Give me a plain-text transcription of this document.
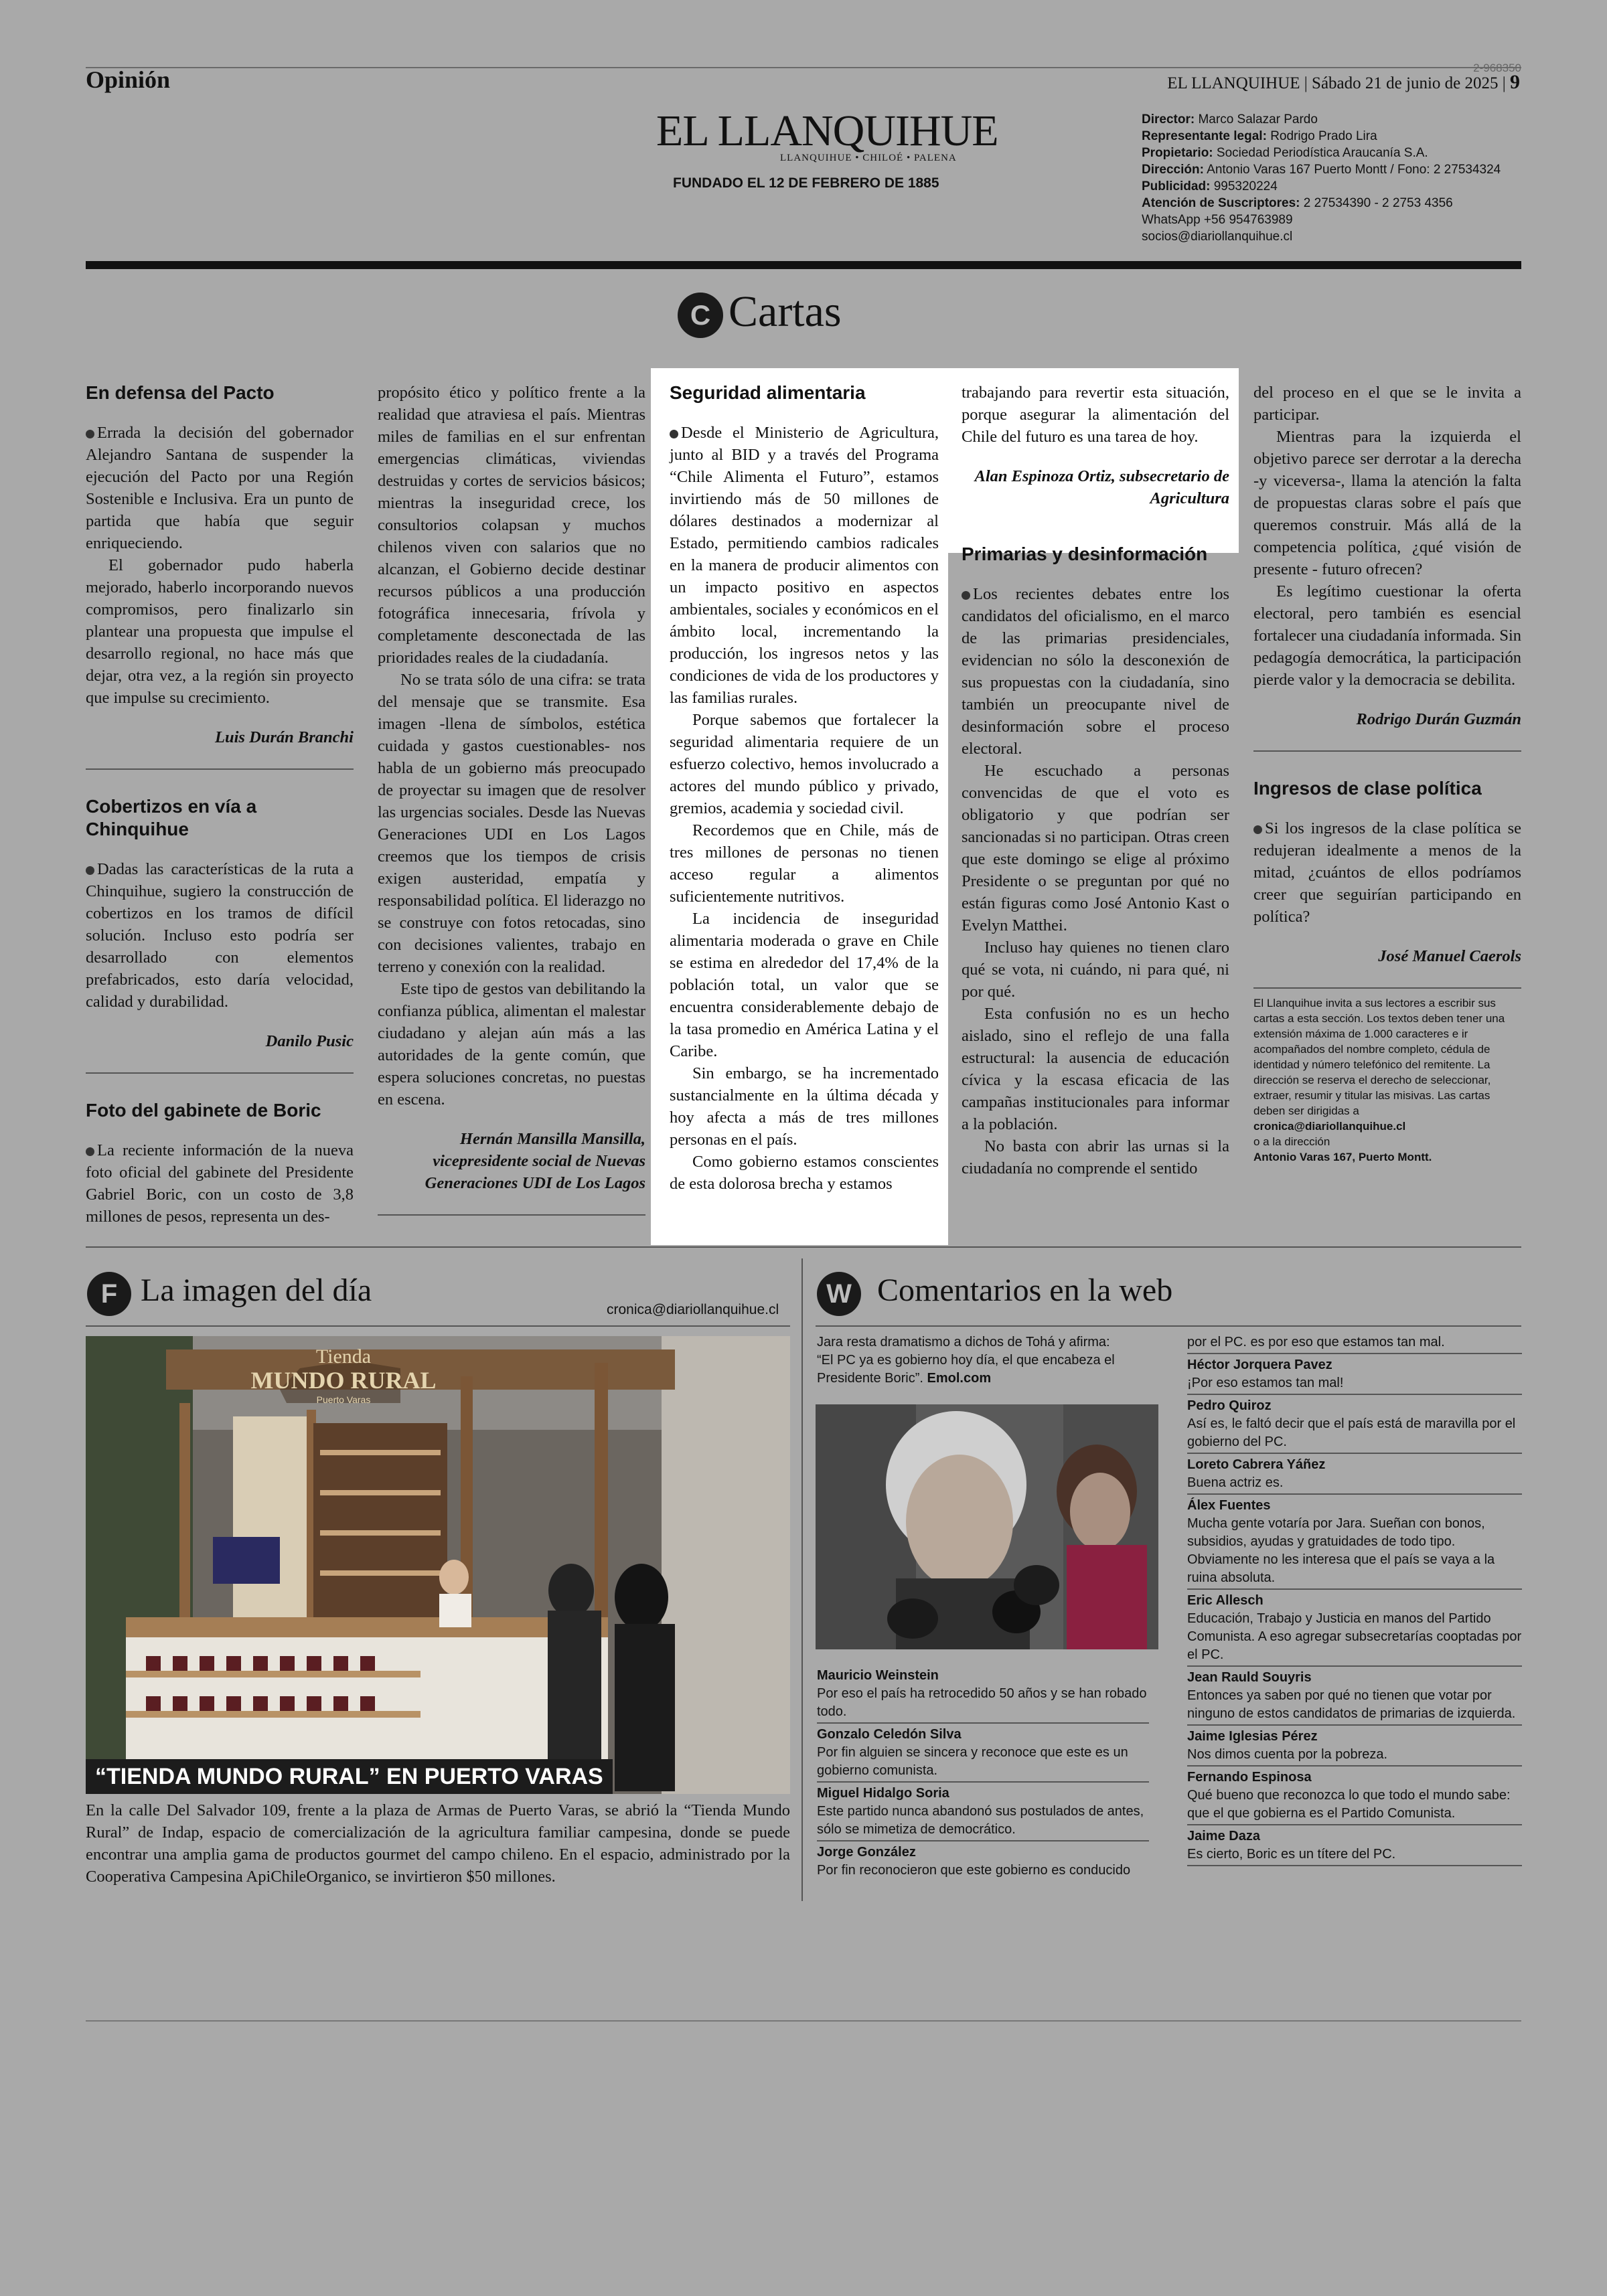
Opinión	2-968350
EL LLANQUIHUE | Sábado 21 de junio de 2025 | 9
EL LLANQUIHUE
LLANQUIHUE • CHILOÉ • PALENA
FUNDADO EL 12 DE FEBRERO DE 1885
Director: Marco Salazar Pardo
Representante legal: Rodrigo Prado Lira
Propietario: Sociedad Periodística Araucanía S.A.
Dirección: Antonio Varas 167 Puerto Montt / Fono: 2 27534324
Publicidad: 995320224
Atención de Suscriptores: 2 27534390 - 2 2753 4356
WhatsApp +56 954763989
socios@diariollanquihue.cl
C Cartas
En defensa del Pacto

Errada la decisión del gobernador Alejandro Santana de suspender la ejecución del Pacto por una Región Sostenible e Inclusiva. Era un punto de partida que había que seguir enriqueciendo.

El gobernador pudo haberla mejorado, haberlo incorporando nuevos compromisos, pero finalizarlo sin plantear una propuesta que impulse el desarrollo regional, no hace más que dejar, otra vez, a la región sin proyecto que impulse su crecimiento.

Luis Durán Branchi
Cobertizos en vía a Chinquihue

Dadas las características de la ruta a Chinquihue, sugiero la construcción de cobertizos en los tramos de difícil solución. Incluso esto podría ser desarrollado con elementos prefabricados, esto daría velocidad, calidad y durabilidad.

Danilo Pusic
Foto del gabinete de Boric

La reciente información de la nueva foto oficial del gabinete del Presidente Gabriel Boric, con un costo de 3,8 millones de pesos, representa un des-

propósito ético y político frente a la realidad que atraviesa el país. Mientras miles de familias en el sur enfrentan emergencias climáticas, viviendas destruidas y cortes de servicios básicos; mientras la inseguridad crece, los consultorios colapsan y muchos chilenos viven con salarios que no alcanzan, el Gobierno decide destinar recursos públicos a una producción fotográfica innecesaria, frívola y completamente desconectada de las prioridades reales de la ciudadanía.

No se trata sólo de una cifra: se trata del mensaje que se transmite. Esa imagen -llena de símbolos, estética cuidada y gastos cuestionables- nos habla de un gobierno más preocupado de proyectar su imagen que de resolver las urgencias sociales. Desde las Nuevas Generaciones UDI en Los Lagos creemos que los tiempos de crisis exigen austeridad, empatía y responsabilidad política. El liderazgo no se construye con fotos retocadas, sino con decisiones valientes, trabajo en terreno y conexión con la realidad.

Este tipo de gestos van debilitando la confianza pública, alimentan el malestar ciudadano y alejan aún más a las autoridades de la gente común, que espera soluciones concretas, no puestas en escena.

Hernán Mansilla Mansilla, vicepresidente social de Nuevas Generaciones UDI de Los Lagos
Seguridad alimentaria

Desde el Ministerio de Agricultura, junto al BID y a través del Programa “Chile Alimenta el Futuro”, estamos invirtiendo más de 50 millones de dólares destinados a modernizar al Estado, permitiendo cambios radicales en la manera de producir alimentos con un impacto positivo en aspectos ambientales, sociales y económicos en el ámbito local, incrementando la producción, los ingresos netos y las condiciones de vida de los productores y las familias rurales.

Porque sabemos que fortalecer la seguridad alimentaria requiere de un esfuerzo colectivo, hemos involucrado a actores del mundo público y privado, gremios, academia y sociedad civil.

Recordemos que en Chile, más de tres millones de personas no tienen acceso regular a alimentos suficientemente nutritivos.

La incidencia de inseguridad alimentaria moderada o grave en Chile se estima en alrededor del 17,4% de la población total, un valor que se encuentra considerablemente debajo de la tasa promedio en América Latina y el Caribe.

Sin embargo, se ha incrementado sustancialmente en la última década y hoy afecta a más de tres millones personas en el país.

Como gobierno estamos conscientes de esta dolorosa brecha y estamos

trabajando para revertir esta situación, porque asegurar la alimentación del Chile del futuro es una tarea de hoy.

Alan Espinoza Ortiz, subsecretario de Agricultura
Primarias y desinformación

Los recientes debates entre los candidatos del oficialismo, en el marco de las primarias presidenciales, evidencian no sólo la desconexión de sus propuestas con la ciudadanía, sino también un preocupante nivel de desinformación sobre el proceso electoral.

He escuchado a personas convencidas de que el voto es obligatorio y que podrían ser sancionadas si no participan. Otras creen que este domingo se elige al próximo Presidente o se preguntan por qué no están figuras como José Antonio Kast o Evelyn Matthei.

Incluso hay quienes no tienen claro qué se vota, ni cuándo, ni para qué, ni por qué.

Esta confusión no es un hecho aislado, sino el reflejo de una falla estructural: la ausencia de educación cívica y la escasa eficacia de las campañas institucionales para informar a la población.

No basta con abrir las urnas si la ciudadanía no comprende el sentido

del proceso en el que se le invita a participar.

Mientras para la izquierda el objetivo parece ser derrotar a la derecha -y viceversa-, llama la atención la falta de propuestas claras sobre el país que queremos construir. Más allá de la competencia política, ¿qué visión de presente - futuro ofrecen?

Es legítimo cuestionar la oferta electoral, pero también es esencial fortalecer una ciudadanía informada. Sin pedagogía democrática, la participación pierde valor y la democracia se debilita.

Rodrigo Durán Guzmán
Ingresos de clase política

Si los ingresos de la clase política se redujeran idealmente a menos de la mitad, ¿cuántos de ellos podríamos creer que seguirían participando en política?

José Manuel Caerols
El Llanquihue invita a sus lectores a escribir sus cartas a esta sección. Los textos deben tener una extensión máxima de 1.000 caracteres e ir acompañados del nombre completo, cédula de identidad y número telefónico del remitente. La dirección se reserva el derecho de seleccionar, extraer, resumir y titular las misivas. Las cartas deben ser dirigidas a
cronica@diariollanquihue.cl
o a la dirección
Antonio Varas 167, Puerto Montt.
F La imagen del día
cronica@diariollanquihue.cl
Tienda
MUNDO RURAL
Puerto Varas
“TIENDA MUNDO RURAL” EN PUERTO VARAS
En la calle Del Salvador 109, frente a la plaza de Armas de Puerto Varas, se abrió la “Tienda Mundo Rural” de Indap, espacio de comercialización de la agricultura familiar campesina, donde se puede encontrar una amplia gama de productos gourmet del campo chileno. En el espacio, administrado por la Cooperativa Campesina ApiChileOrganico, se invirtieron $50 millones.
W Comentarios en la web
Jara resta dramatismo a dichos de Tohá y afirma: “El PC ya es gobierno hoy día, el que encabeza el Presidente Boric”. Emol.com
Mauricio Weinstein
Por eso el país ha retrocedido 50 años y se han robado todo.
Gonzalo Celedón Silva
Por fin alguien se sincera y reconoce que este es un gobierno comunista.
Miguel Hidalgo Soria
Este partido nunca abandonó sus postulados de antes, sólo se mimetiza de democrático.
Jorge González
Por fin reconocieron que este gobierno es conducido
por el PC. es por eso que estamos tan mal.
Héctor Jorquera Pavez
¡Por eso estamos tan mal!
Pedro Quiroz
Así es, le faltó decir que el país está de maravilla por el gobierno del PC.
Loreto Cabrera Yáñez
Buena actriz es.
Álex Fuentes
Mucha gente votaría por Jara. Sueñan con bonos, subsidios, ayudas y gratuidades de todo tipo. Obviamente no les interesa que el país se vaya a la ruina absoluta.
Eric Allesch
Educación, Trabajo y Justicia en manos del Partido Comunista. A eso agregar subsecretarías cooptadas por el PC.
Jean Rauld Souyris
Entonces ya saben por qué no tienen que votar por ninguno de estos candidatos de primarias de izquierda.
Jaime Iglesias Pérez
Nos dimos cuenta por la pobreza.
Fernando Espinosa
Qué bueno que reconozca lo que todo el mundo sabe: que el que gobierna es el Partido Comunista.
Jaime Daza
Es cierto, Boric es un títere del PC.
